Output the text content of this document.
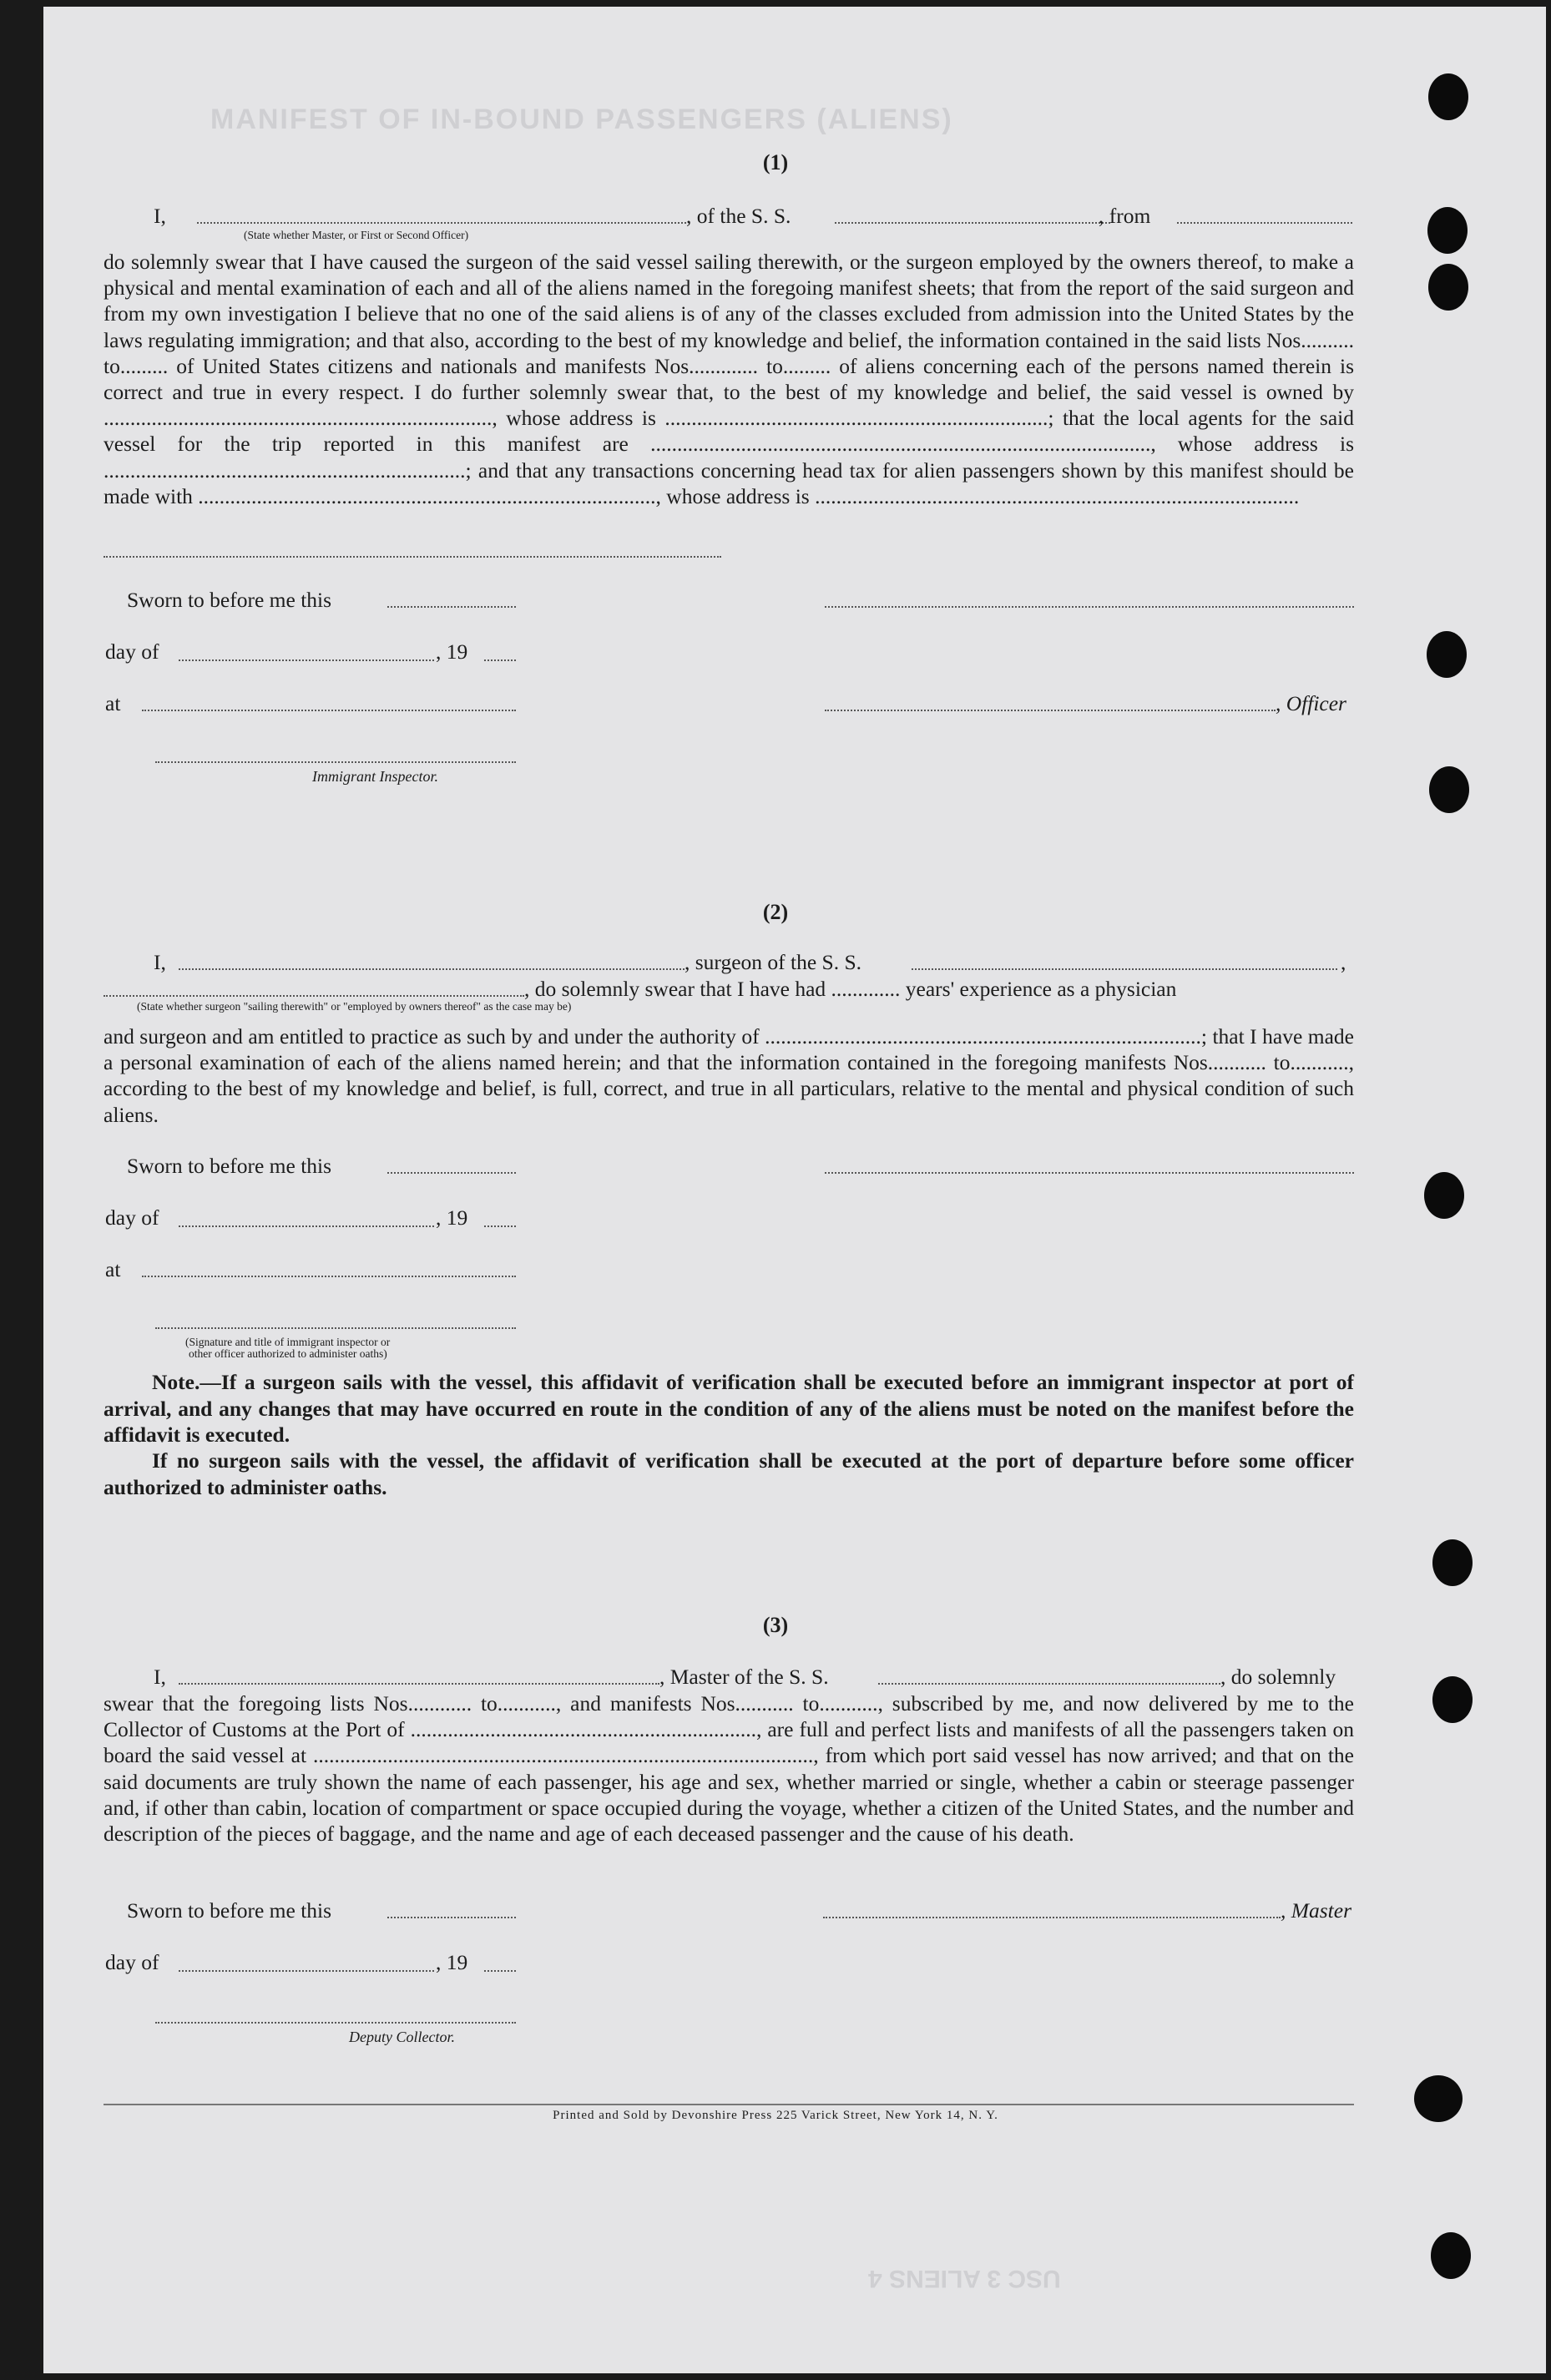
MANIFEST OF IN-BOUND PASSENGERS (ALIENS)
(1)
I,	, of the S. S.	, from
(State whether Master, or First or Second Officer)

do solemnly swear that I have caused the surgeon of the said vessel sailing therewith, or the surgeon employed by the owners thereof, to make a physical and mental examination of each and all of the aliens named in the foregoing manifest sheets; that from the report of the said surgeon and from my own investigation I believe that no one of the said aliens is of any of the classes excluded from admission into the United States by the laws regulating immigration; and that also, according to the best of my knowledge and belief, the information contained in the said lists Nos.......... to......... of United States citizens and nationals and manifests Nos............. to......... of aliens concerning each of the persons named therein is correct and true in every respect. I do further solemnly swear that, to the best of my knowledge and belief, the said vessel is owned by ........................................................................., whose address is ........................................................................; that the local agents for the said vessel for the trip reported in this manifest are .............................................................................................., whose address is ....................................................................; and that any transactions concerning head tax for alien passengers shown by this manifest should be made with ......................................................................................, whose address is ...........................................................................................

Sworn to before me this
day of	, 19
at	, Officer
Immigrant Inspector.
(2)
I,	, surgeon of the S. S.	,
, do solemnly swear that I have had ............. years' experience as a physician
(State whether surgeon "sailing therewith" or "employed by owners thereof" as the case may be)

and surgeon and am entitled to practice as such by and under the authority of ..................................................................................; that I have made a personal examination of each of the aliens named herein; and that the information contained in the foregoing manifests Nos........... to..........., according to the best of my knowledge and belief, is full, correct, and true in all particulars, relative to the mental and physical condition of such aliens.

Sworn to before me this
day of	, 19
at
(Signature and title of immigrant inspector or
other officer authorized to administer oaths)

Note.—If a surgeon sails with the vessel, this affidavit of verification shall be executed before an immigrant inspector at port of arrival, and any changes that may have occurred en route in the condition of any of the aliens must be noted on the manifest before the affidavit is executed.

If no surgeon sails with the vessel, the affidavit of verification shall be executed at the port of departure before some officer authorized to administer oaths.

(3)
I,	, Master of the S. S.	, do solemnly

swear that the foregoing lists Nos............ to..........., and manifests Nos........... to..........., subscribed by me, and now delivered by me to the Collector of Customs at the Port of ................................................................., are full and perfect lists and manifests of all the passengers taken on board the said vessel at .............................................................................................., from which port said vessel has now arrived; and that on the said documents are truly shown the name of each passenger, his age and sex, whether married or single, whether a cabin or steerage passenger and, if other than cabin, location of compartment or space occupied during the voyage, whether a citizen of the United States, and the number and description of the pieces of baggage, and the name and age of each deceased passenger and the cause of his death.

Sworn to before me this	, Master
day of	, 19
Deputy Collector.
Printed and Sold by Devonshire Press 225 Varick Street, New York 14, N. Y.
USC 3 ALIENS 4
